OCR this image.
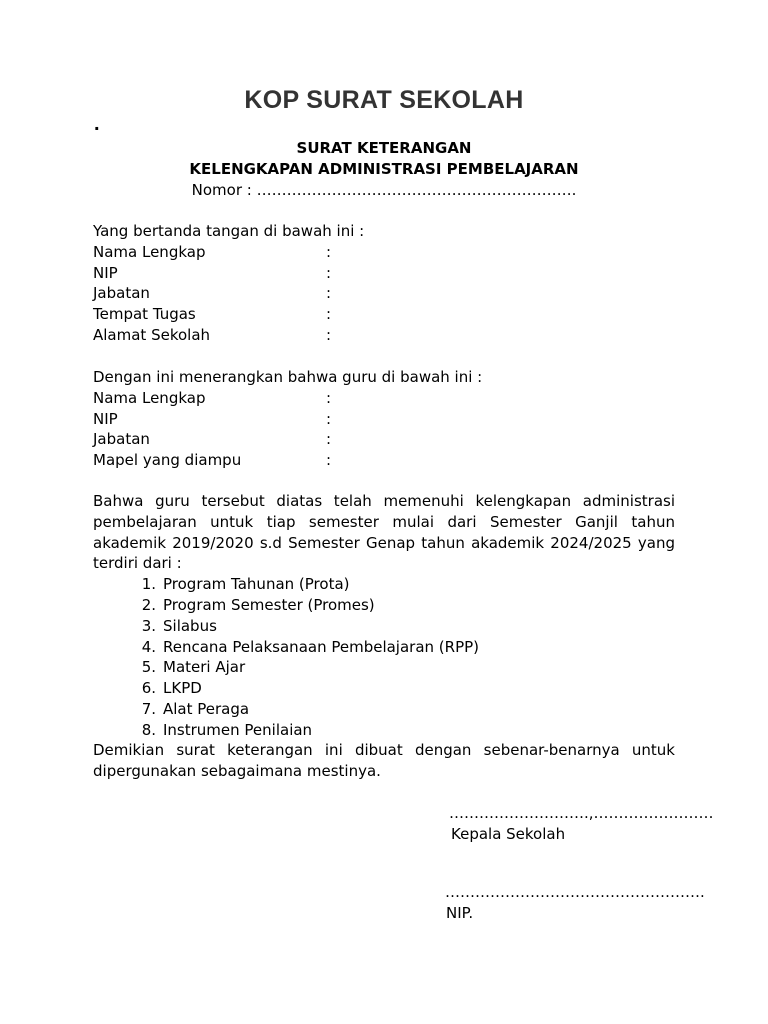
KOP SURAT SEKOLAH
.
SURAT KETERANGAN
KELENGKAPAN ADMINISTRASI PEMBELAJARAN
Nomor : ……………………………………………………….
Yang bertanda tangan di bawah ini :
Nama Lengkap	:
NIP	:
Jabatan	:
Tempat Tugas	:
Alamat Sekolah	:
Dengan ini menerangkan bahwa guru di bawah ini :
Nama Lengkap	:
NIP	:
Jabatan	:
Mapel yang diampu	:
Bahwa guru tersebut diatas telah memenuhi kelengkapan administrasi pembelajaran untuk tiap semester mulai dari Semester Ganjil tahun akademik 2019/2020 s.d Semester Genap tahun akademik 2024/2025 yang terdiri dari :
1. Program Tahunan (Prota)
2. Program Semester (Promes)
3. Silabus
4. Rencana Pelaksanaan Pembelajaran (RPP)
5. Materi Ajar
6. LKPD
7. Alat Peraga
8. Instrumen Penilaian
Demikian surat keterangan ini dibuat dengan sebenar-benarnya untuk dipergunakan sebagaimana mestinya.
……………………….,……………………
Kepala Sekolah
…………………………………………….
NIP.
